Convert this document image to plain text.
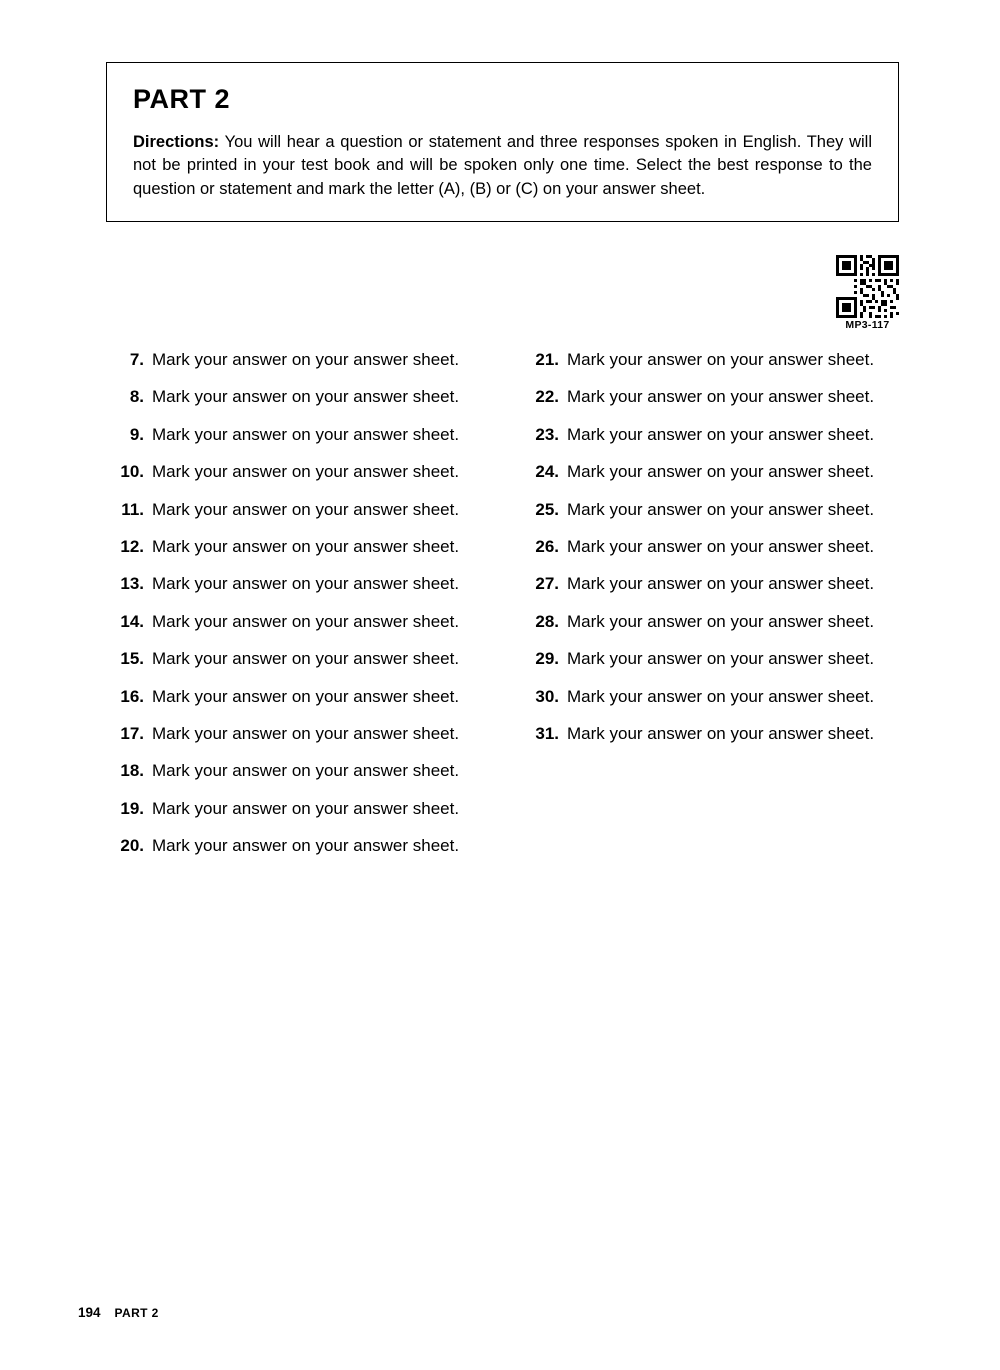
PART 2

Directions: You will hear a question or statement and three responses spoken in English. They will not be printed in your test book and will be spoken only one time. Select the best response to the question or statement and mark the letter (A), (B) or (C) on your answer sheet.

MP3-117
7. Mark your answer on your answer sheet.
8. Mark your answer on your answer sheet.
9. Mark your answer on your answer sheet.
10. Mark your answer on your answer sheet.
11. Mark your answer on your answer sheet.
12. Mark your answer on your answer sheet.
13. Mark your answer on your answer sheet.
14. Mark your answer on your answer sheet.
15. Mark your answer on your answer sheet.
16. Mark your answer on your answer sheet.
17. Mark your answer on your answer sheet.
18. Mark your answer on your answer sheet.
19. Mark your answer on your answer sheet.
20. Mark your answer on your answer sheet.
21. Mark your answer on your answer sheet.
22. Mark your answer on your answer sheet.
23. Mark your answer on your answer sheet.
24. Mark your answer on your answer sheet.
25. Mark your answer on your answer sheet.
26. Mark your answer on your answer sheet.
27. Mark your answer on your answer sheet.
28. Mark your answer on your answer sheet.
29. Mark your answer on your answer sheet.
30. Mark your answer on your answer sheet.
31. Mark your answer on your answer sheet.
194 PART 2
